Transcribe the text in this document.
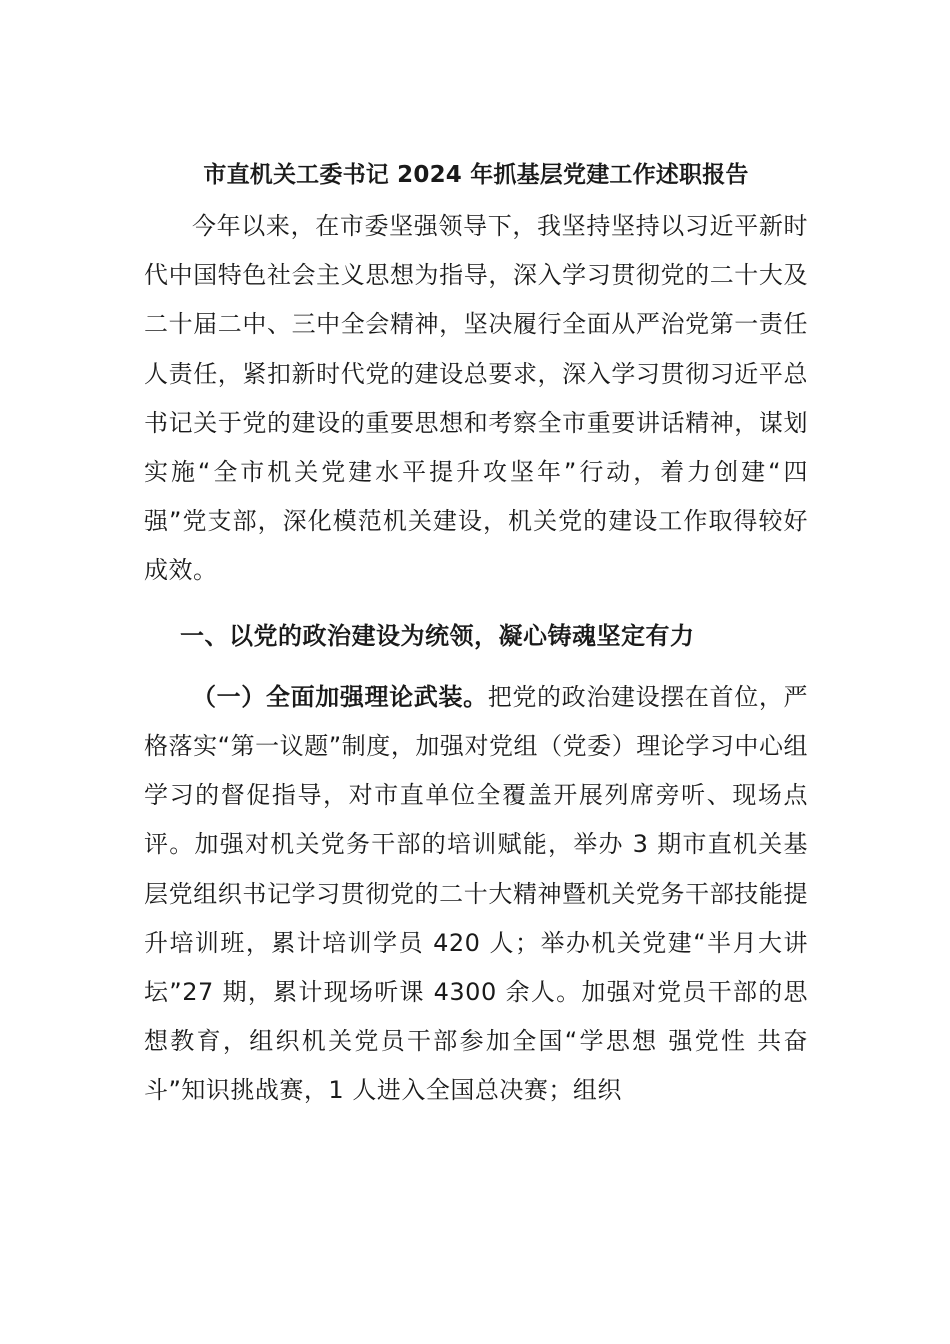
市直机关工委书记 2024 年抓基层党建工作述职报告

今年以来，在市委坚强领导下，我坚持坚持以习近平新时代中国特色社会主义思想为指导，深入学习贯彻党的二十大及二十届二中、三中全会精神，坚决履行全面从严治党第一责任人责任，紧扣新时代党的建设总要求，深入学习贯彻习近平总书记关于党的建设的重要思想和考察全市重要讲话精神，谋划实施“全市机关党建水平提升攻坚年”行动，着力创建“四强”党支部，深化模范机关建设，机关党的建设工作取得较好成效。

一、以党的政治建设为统领，凝心铸魂坚定有力

（一）全面加强理论武装。把党的政治建设摆在首位，严格落实“第一议题”制度，加强对党组（党委）理论学习中心组学习的督促指导，对市直单位全覆盖开展列席旁听、现场点评。加强对机关党务干部的培训赋能，举办 3 期市直机关基层党组织书记学习贯彻党的二十大精神暨机关党务干部技能提升培训班，累计培训学员 420 人；举办机关党建“半月大讲坛”27 期，累计现场听课 4300 余人。加强对党员干部的思想教育，组织机关党员干部参加全国“学思想 强党性 共奋斗”知识挑战赛，1 人进入全国总决赛；组织
